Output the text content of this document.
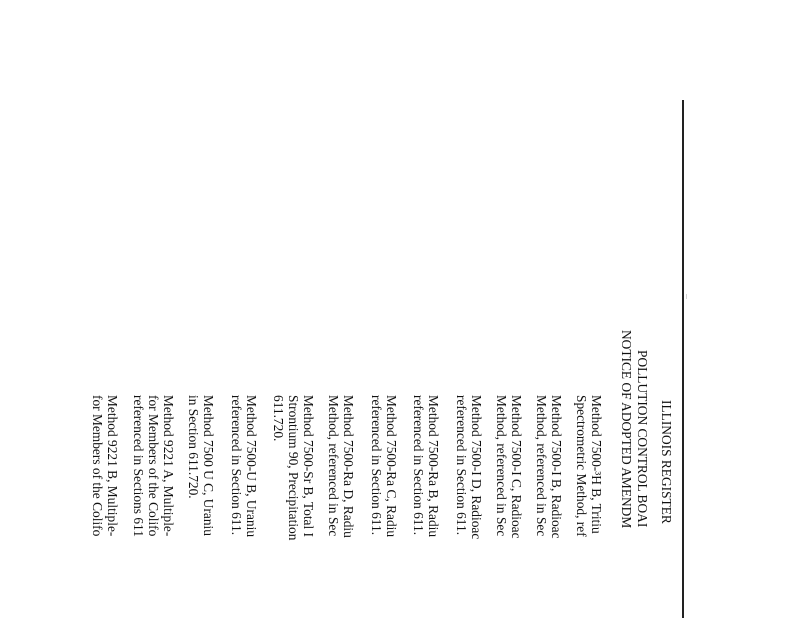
—
ILLINOIS REGISTER
POLLUTION CONTROL BOAI
NOTICE OF ADOPTED AMENDM
Method 7500-³H B, Tritiu
Spectrometric Method, ref
Method 7500-I B, Radioac
Method, referenced in Sec
Method 7500-I C, Radioac
Method, referenced in Sec
Method 7500-I D, Radioac
referenced in Section 611.
Method 7500-Ra B, Radiu
referenced in Section 611.
Method 7500-Ra C, Radiu
referenced in Section 611.
Method 7500-Ra D, Radiu
Method, referenced in Sec
Method 7500-Sr B, Total I
Strontium 90, Precipitation
611.720.
Method 7500-U B, Uraniu
referenced in Section 611.
Method 7500 U C, Uraniu
in Section 611.720.
Method 9221 A, Multiple-
for Members of the Colifo
referenced in Sections 611
Method 9221 B, Multiple-
for Members of the Colifo
